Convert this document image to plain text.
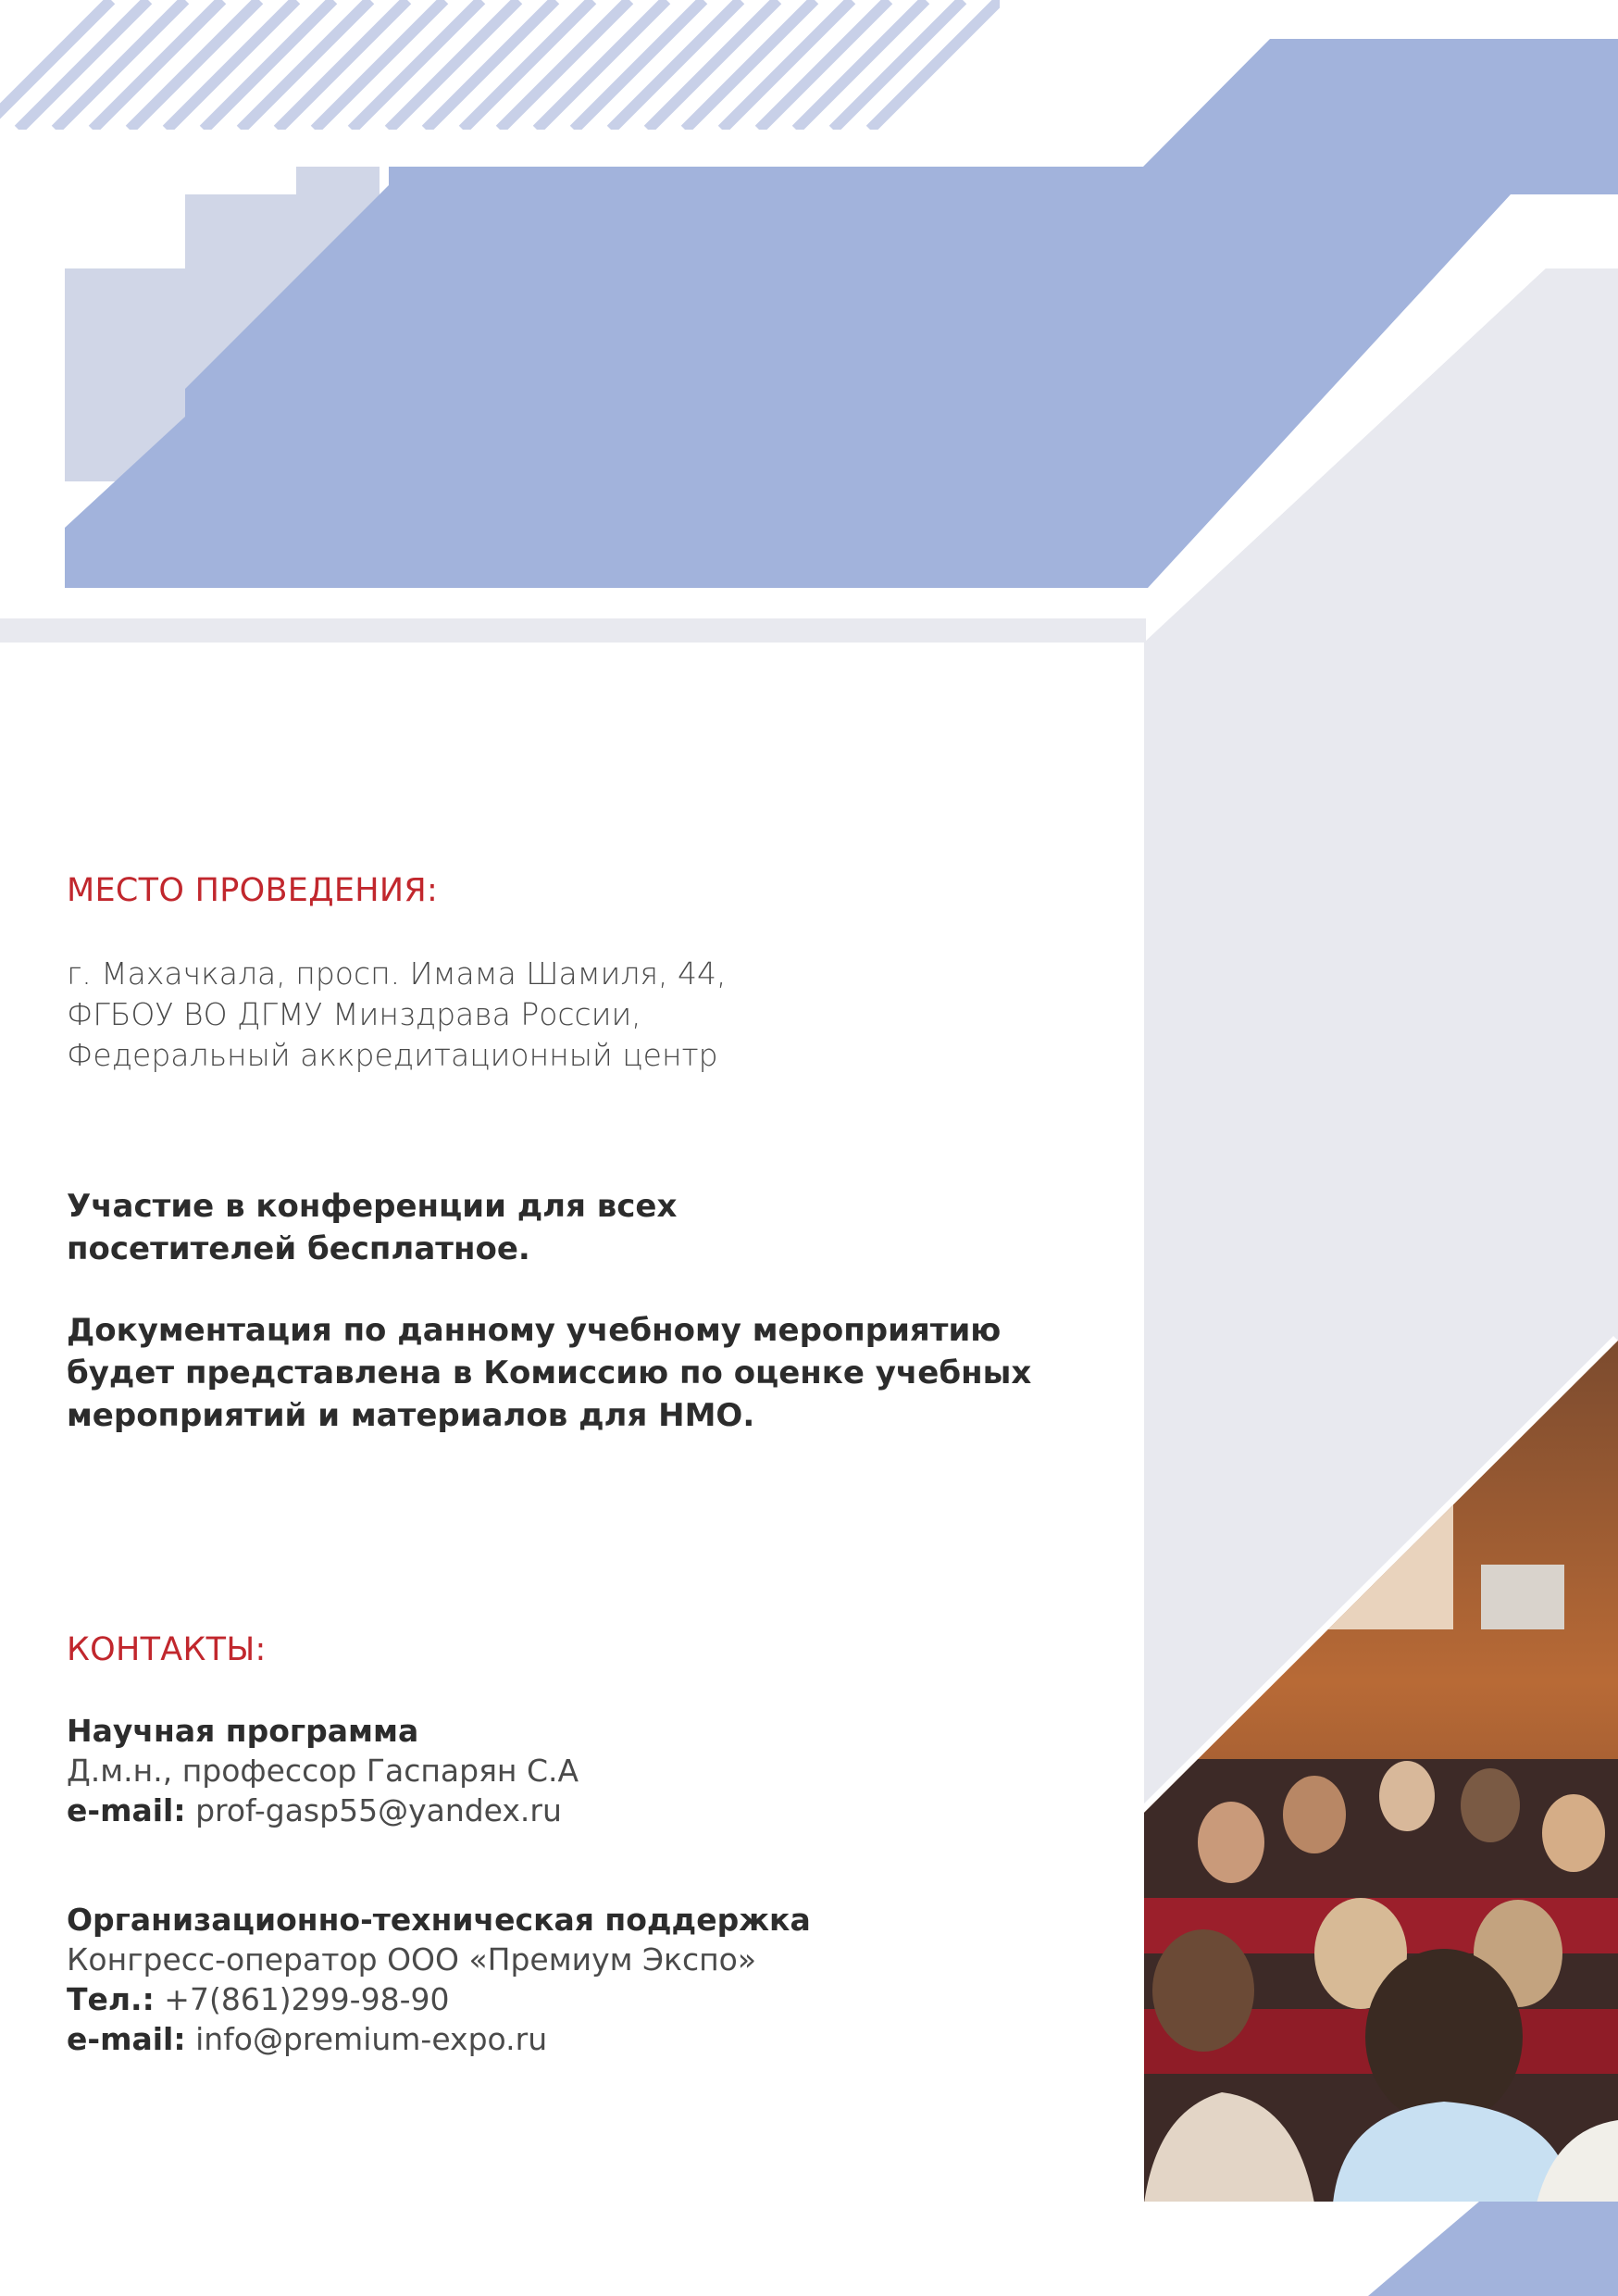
МЕСТО ПРОВЕДЕНИЯ:
г. Махачкала, просп. Имама Шамиля, 44,
ФГБОУ ВО ДГМУ Минздрава России,
Федеральный аккредитационный центр
Участие в конференции для всех
посетителей бесплатное.
Документация по данному учебному мероприятию
будет представлена в Комиссию по оценке учебных
мероприятий и материалов для НМО.
КОНТАКТЫ:
Научная программа
Д.м.н., профессор Гаспарян С.А
e-mail: prof-gasp55@yandex.ru
Организационно-техническая поддержка
Конгресс-оператор ООО «Премиум Экспо»
Тел.: +7(861)299-98-90
e-mail: info@premium-expo.ru
